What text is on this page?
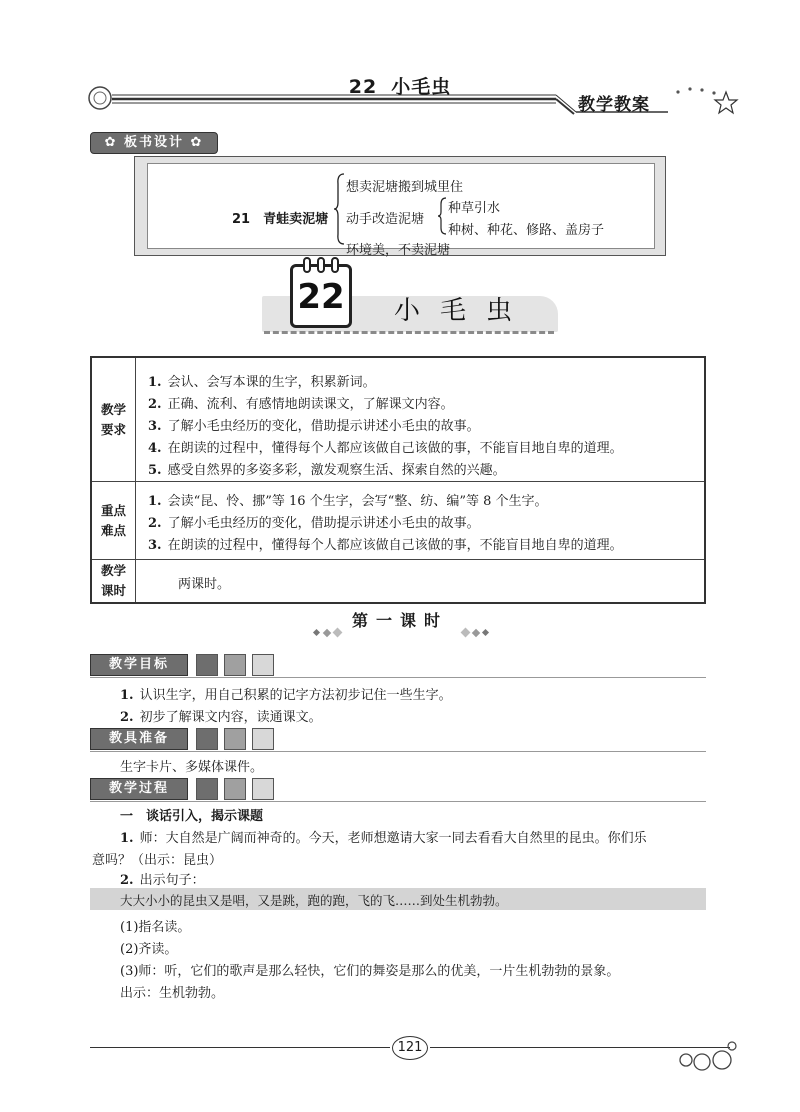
22 小毛虫
教学教案
✿ 板书设计 ✿
21　青蛙卖泥塘
想卖泥塘搬到城里住
动手改造泥塘
环境美，不卖泥塘
种草引水
种树、种花、修路、盖房子
22 小毛虫
教学
要求
1. 会认、会写本课的生字，积累新词。
2. 正确、流利、有感情地朗读课文，了解课文内容。
3. 了解小毛虫经历的变化，借助提示讲述小毛虫的故事。
4. 在朗读的过程中，懂得每个人都应该做自己该做的事，不能盲目地自卑的道理。
5. 感受自然界的多姿多彩，激发观察生活、探索自然的兴趣。
重点
难点
1. 会读“昆、怜、挪”等 16 个生字，会写“整、纺、编”等 8 个生字。
2. 了解小毛虫经历的变化，借助提示讲述小毛虫的故事。
3. 在朗读的过程中，懂得每个人都应该做自己该做的事，不能盲目地自卑的道理。
教学
课时	两课时。
第一课时
教学目标
1. 认识生字，用自己积累的记字方法初步记住一些生字。
2. 初步了解课文内容，读通课文。
教具准备
生字卡片、多媒体课件。
教学过程
一　谈话引入，揭示课题
1. 师：大自然是广阔而神奇的。今天，老师想邀请大家一同去看看大自然里的昆虫。你们乐
意吗？（出示：昆虫）
2. 出示句子：
大大小小的昆虫又是唱，又是跳，跑的跑，飞的飞……到处生机勃勃。
(1)指名读。
(2)齐读。
(3)师：听，它们的歌声是那么轻快，它们的舞姿是那么的优美，一片生机勃勃的景象。
出示：生机勃勃。
121
